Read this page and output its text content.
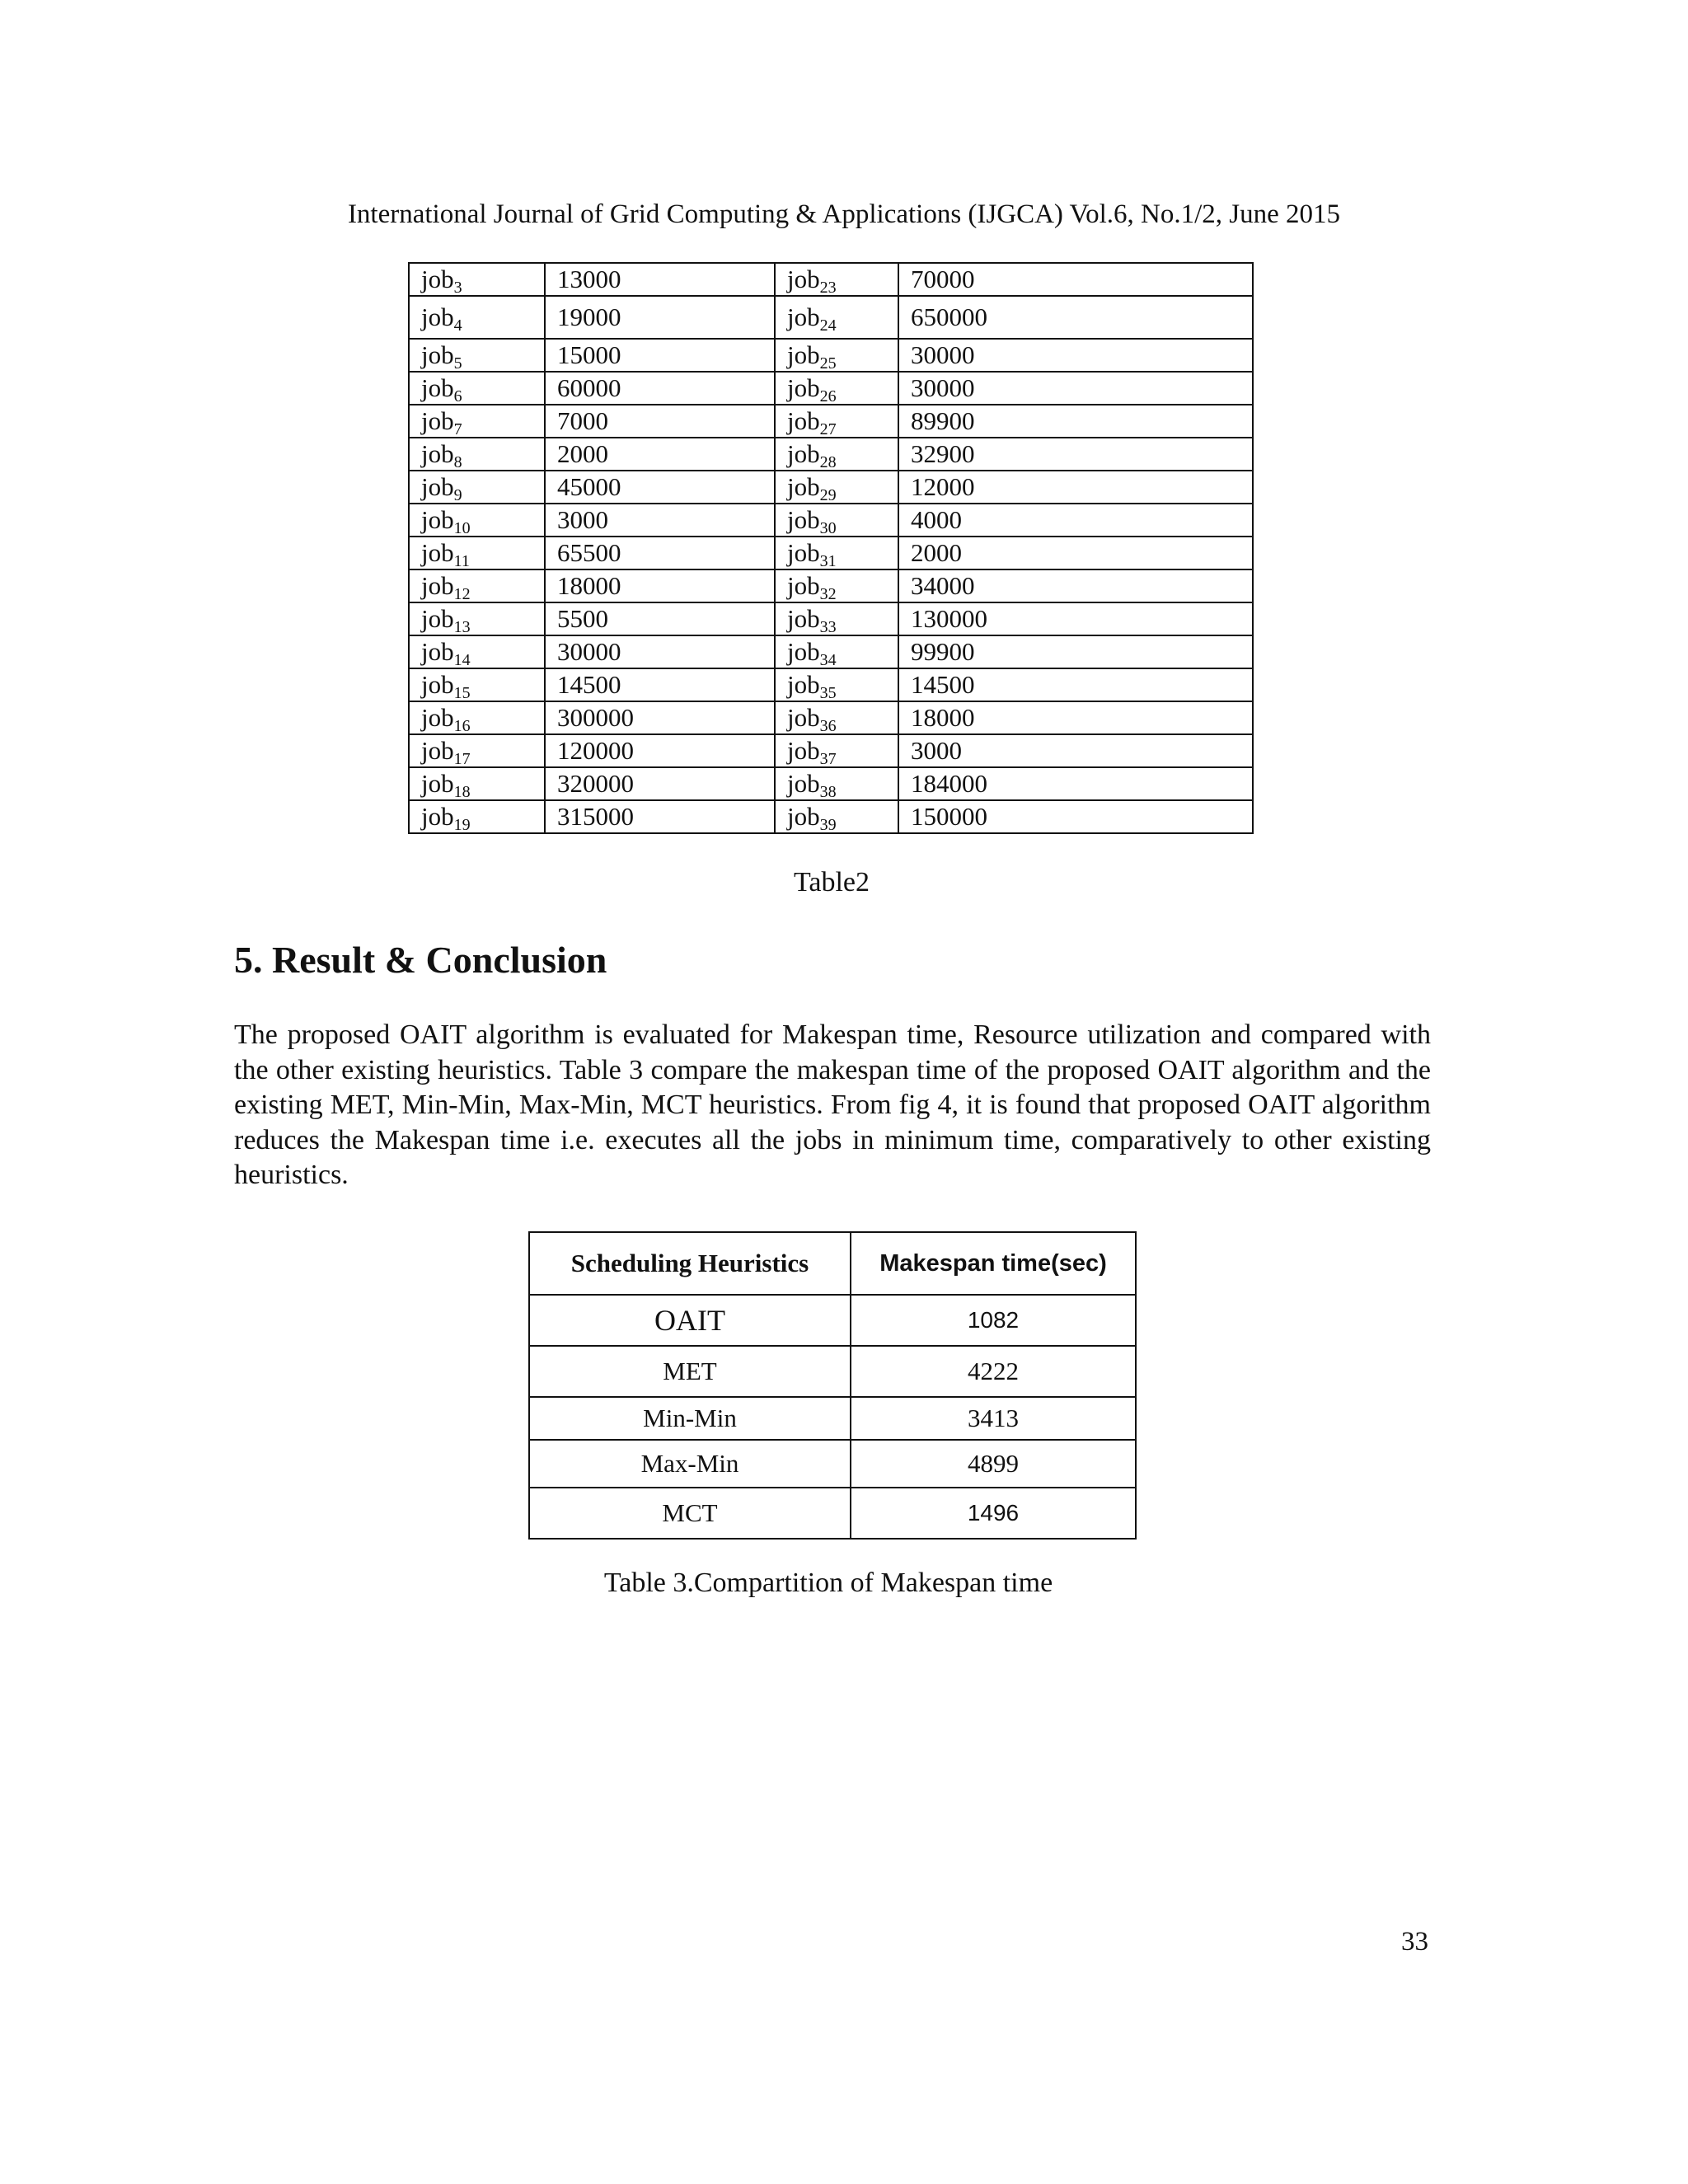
International Journal of Grid Computing & Applications (IJGCA) Vol.6, No.1/2, June 2015
job$_3$	13000	job$_{23}$	70000
job$_4$	19000	job$_{24}$	650000
job$_5$	15000	job$_{25}$	30000
job$_6$	60000	job$_{26}$	30000
job$_7$	7000	job$_{27}$	89900
job$_8$	2000	job$_{28}$	32900
job$_9$	45000	job$_{29}$	12000
job$_{10}$	3000	job$_{30}$	4000
job$_{11}$	65500	job$_{31}$	2000
job$_{12}$	18000	job$_{32}$	34000
job$_{13}$	5500	job$_{33}$	130000
job$_{14}$	30000	job$_{34}$	99900
job$_{15}$	14500	job$_{35}$	14500
job$_{16}$	300000	job$_{36}$	18000
job$_{17}$	120000	job$_{37}$	3000
job$_{18}$	320000	job$_{38}$	184000
job$_{19}$	315000	job$_{39}$	150000
Table2
5. Result & Conclusion

The proposed OAIT algorithm is evaluated for Makespan time, Resource utilization and compared with the other existing heuristics. Table 3 compare the makespan time of the proposed OAIT algorithm and the existing MET, Min-Min, Max-Min, MCT heuristics. From fig 4, it is found that proposed OAIT algorithm reduces the Makespan time i.e. executes all the jobs in minimum time, comparatively to other existing heuristics.

Scheduling Heuristics	Makespan time(sec)
OAIT	1082
MET	4222
Min-Min	3413
Max-Min	4899
MCT	1496
Table 3.Compartition of Makespan time
33
